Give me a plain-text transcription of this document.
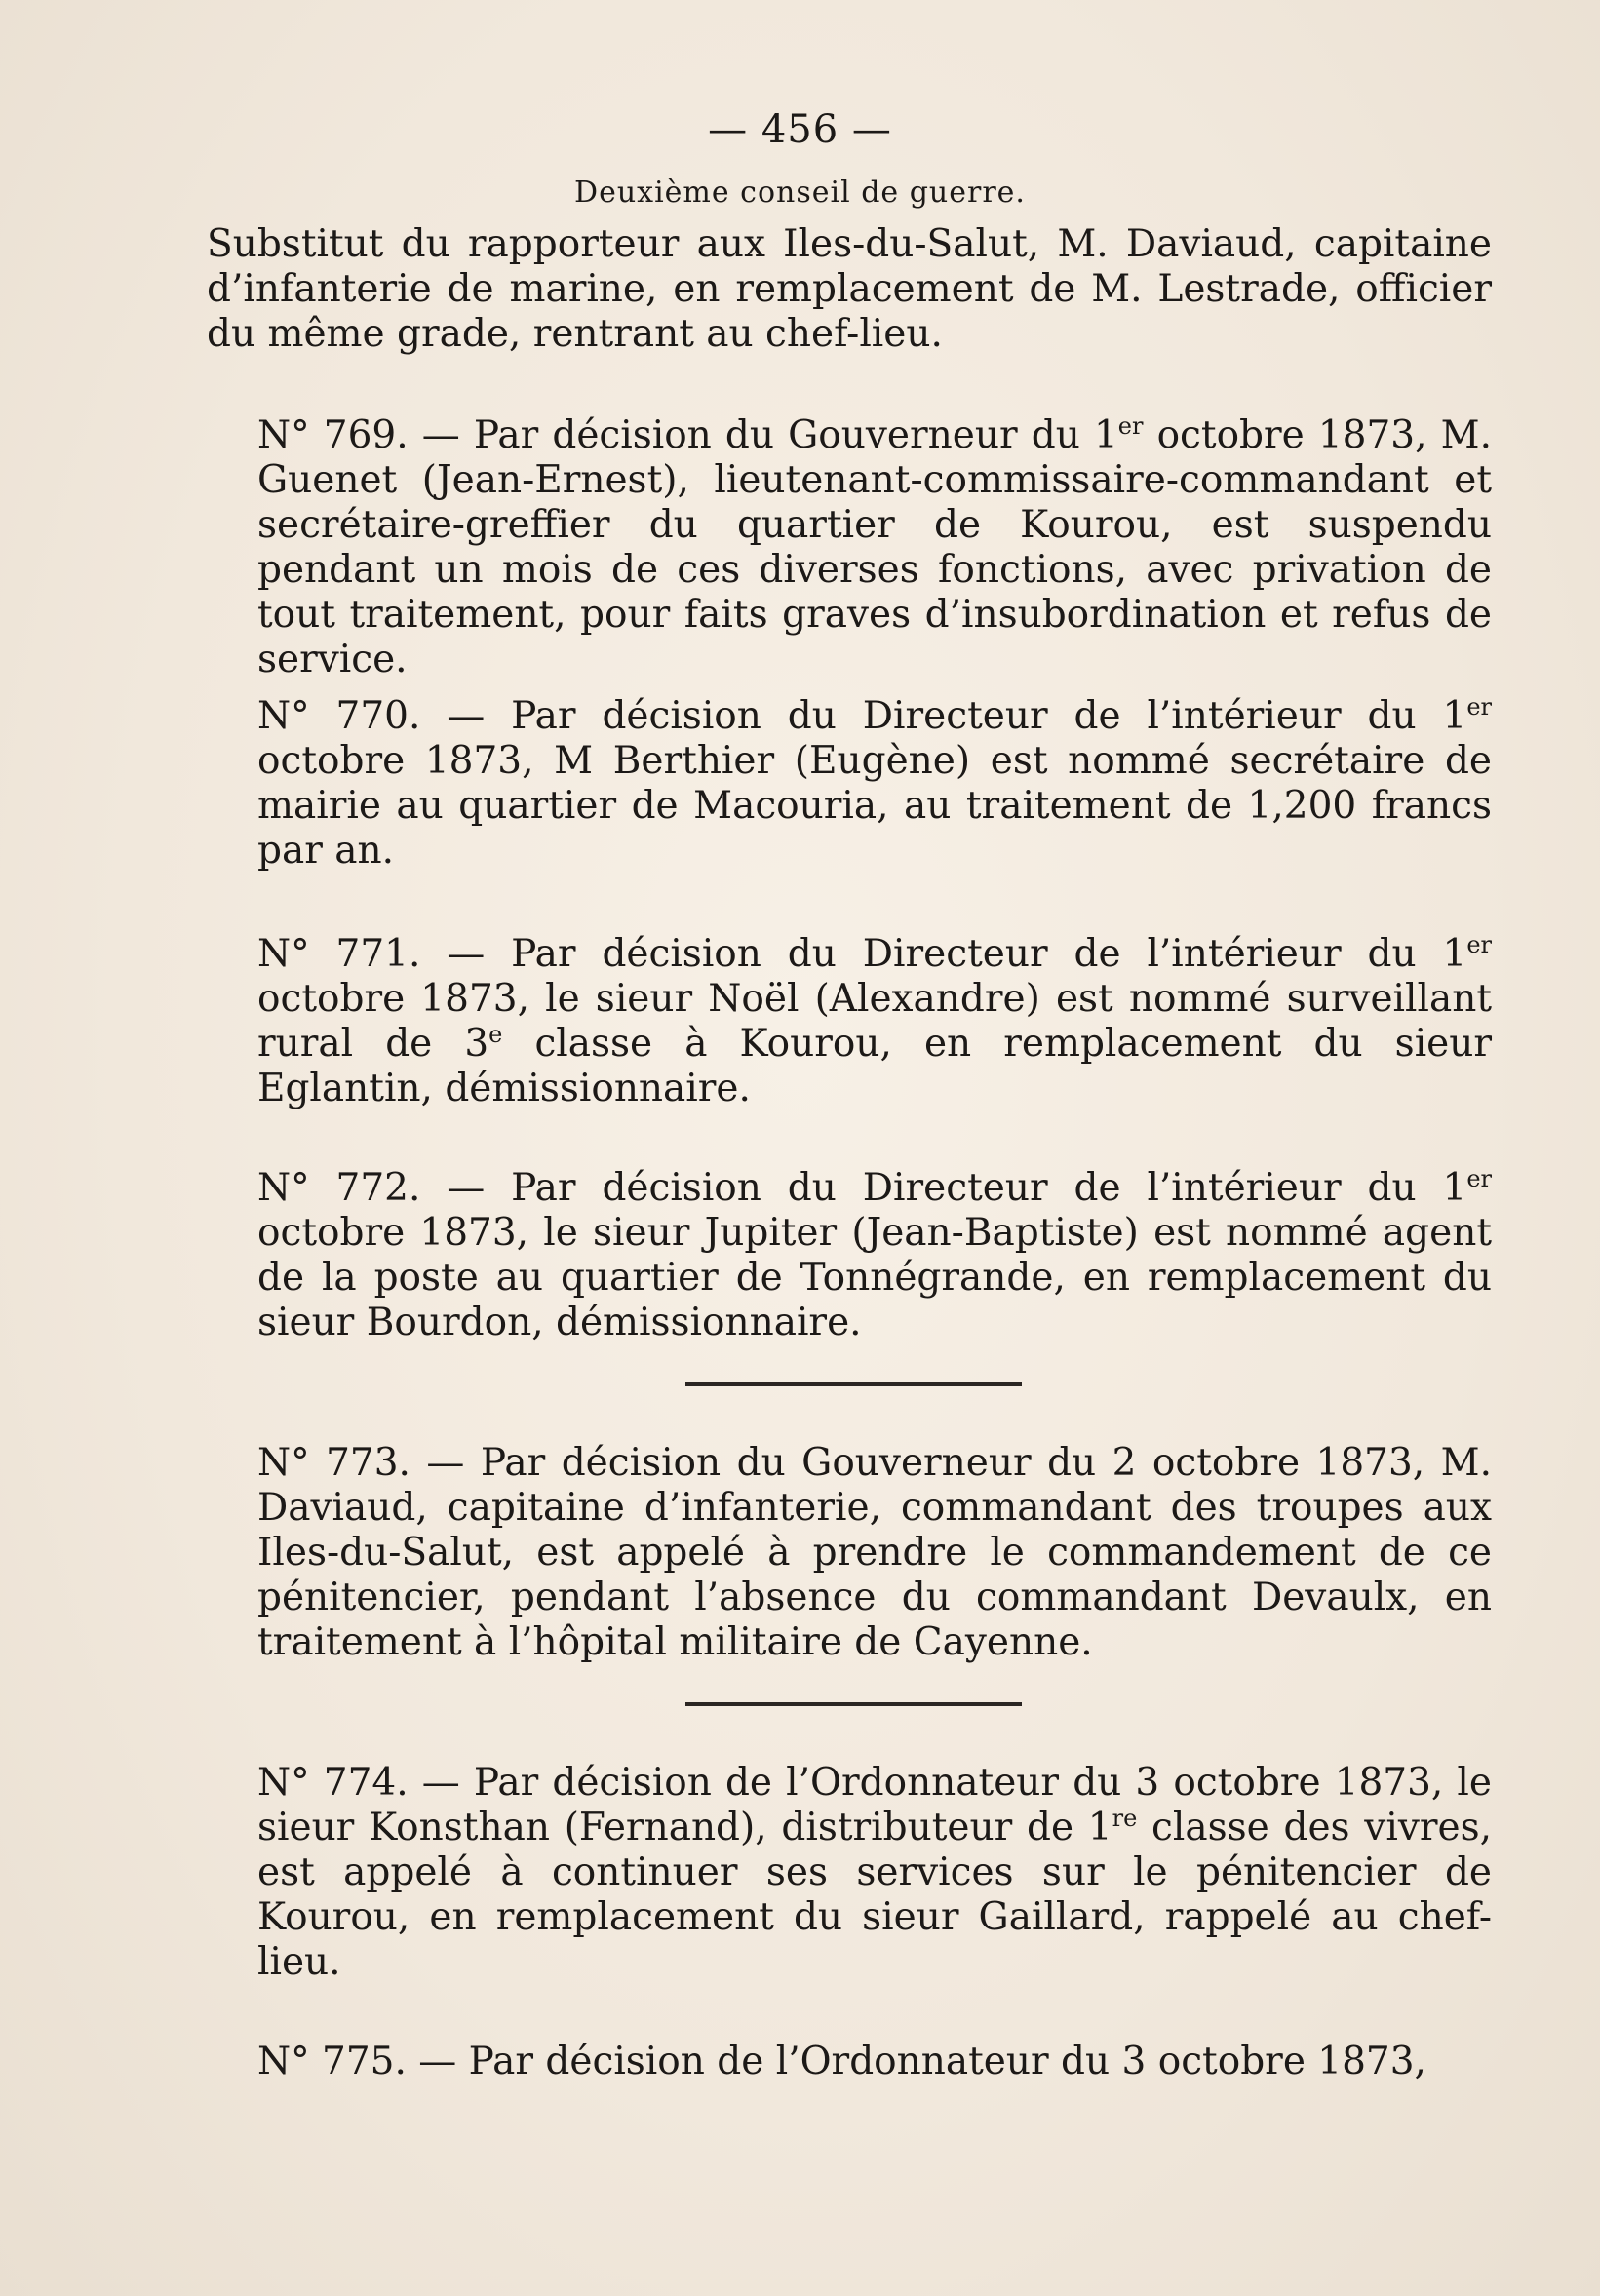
— 456 —
Deuxième conseil de guerre.
Substitut du rapporteur aux Iles-du-Salut, M. Daviaud, capitaine d’infanterie de marine, en remplacement de M. Lestrade, officier du même grade, rentrant au chef-lieu.
N° 769. — Par décision du Gouverneur du 1er octobre 1873, M. Guenet (Jean-Ernest), lieutenant-commissaire-commandant et secrétaire-greffier du quartier de Kourou, est suspendu pendant un mois de ces diverses fonctions, avec privation de tout traitement, pour faits graves d’insubordination et refus de service.
N° 770. — Par décision du Directeur de l’intérieur du 1er octobre 1873, M Berthier (Eugène) est nommé secrétaire de mairie au quartier de Macouria, au traitement de 1,200 francs par an.
N° 771. — Par décision du Directeur de l’intérieur du 1er octobre 1873, le sieur Noël (Alexandre) est nommé surveillant rural de 3e classe à Kourou, en remplacement du sieur Eglantin, démissionnaire.
N° 772. — Par décision du Directeur de l’intérieur du 1er octobre 1873, le sieur Jupiter (Jean-Baptiste) est nommé agent de la poste au quartier de Tonnégrande, en remplacement du sieur Bourdon, démissionnaire.
N° 773. — Par décision du Gouverneur du 2 octobre 1873, M. Daviaud, capitaine d’infanterie, commandant des troupes aux Iles-du-Salut, est appelé à prendre le commandement de ce pénitencier, pendant l’absence du commandant Devaulx, en traitement à l’hôpital militaire de Cayenne.
N° 774. — Par décision de l’Ordonnateur du 3 octobre 1873, le sieur Konsthan (Fernand), distributeur de 1re classe des vivres, est appelé à continuer ses services sur le pénitencier de Kourou, en remplacement du sieur Gaillard, rappelé au chef-lieu.
N° 775. — Par décision de l’Ordonnateur du 3 octobre 1873,
